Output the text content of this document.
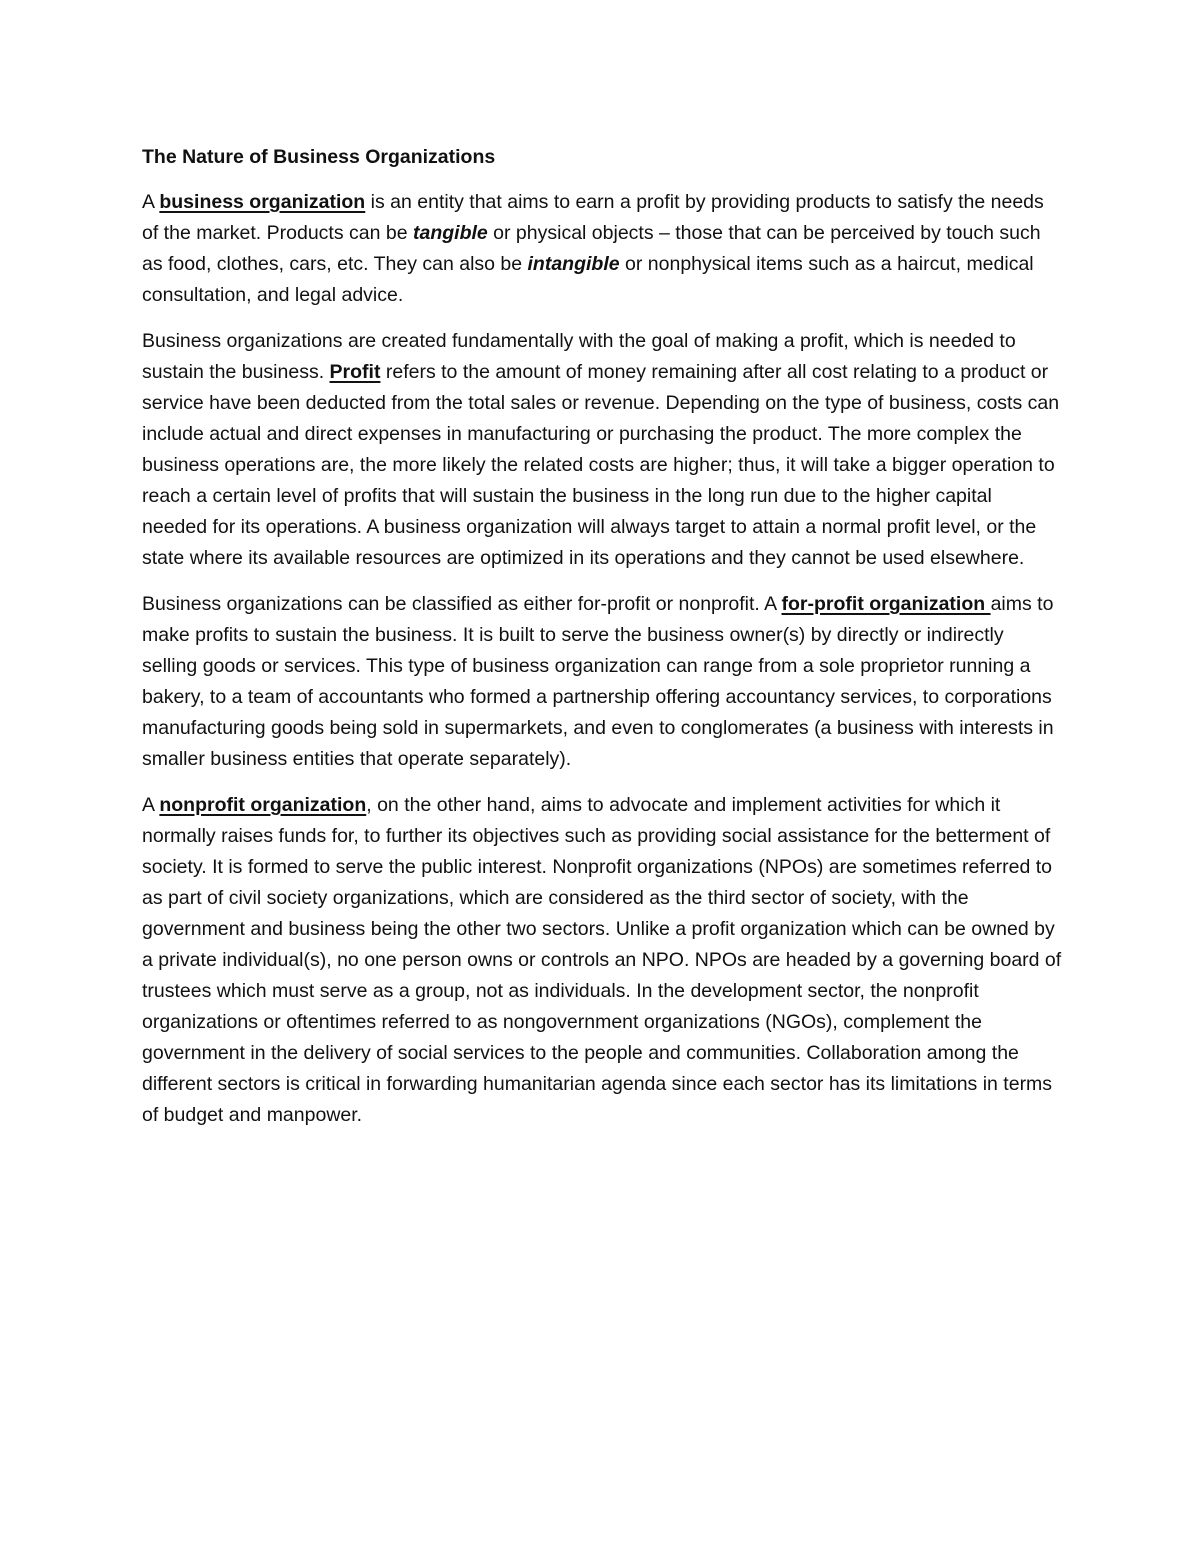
The Nature of Business Organizations

A business organization is an entity that aims to earn a profit by providing products to satisfy the needs of the market. Products can be tangible or physical objects – those that can be perceived by touch such as food, clothes, cars, etc. They can also be intangible or nonphysical items such as a haircut, medical consultation, and legal advice.

Business organizations are created fundamentally with the goal of making a profit, which is needed to sustain the business. Profit refers to the amount of money remaining after all cost relating to a product or service have been deducted from the total sales or revenue. Depending on the type of business, costs can include actual and direct expenses in manufacturing or purchasing the product. The more complex the business operations are, the more likely the related costs are higher; thus, it will take a bigger operation to reach a certain level of profits that will sustain the business in the long run due to the higher capital needed for its operations. A business organization will always target to attain a normal profit level, or the state where its available resources are optimized in its operations and they cannot be used elsewhere.

Business organizations can be classified as either for-profit or nonprofit. A for-profit organization aims to make profits to sustain the business. It is built to serve the business owner(s) by directly or indirectly selling goods or services. This type of business organization can range from a sole proprietor running a bakery, to a team of accountants who formed a partnership offering accountancy services, to corporations manufacturing goods being sold in supermarkets, and even to conglomerates (a business with interests in smaller business entities that operate separately).

A nonprofit organization, on the other hand, aims to advocate and implement activities for which it normally raises funds for, to further its objectives such as providing social assistance for the betterment of society. It is formed to serve the public interest. Nonprofit organizations (NPOs) are sometimes referred to as part of civil society organizations, which are considered as the third sector of society, with the government and business being the other two sectors. Unlike a profit organization which can be owned by a private individual(s), no one person owns or controls an NPO. NPOs are headed by a governing board of trustees which must serve as a group, not as individuals. In the development sector, the nonprofit organizations or oftentimes referred to as nongovernment organizations (NGOs), complement the government in the delivery of social services to the people and communities. Collaboration among the different sectors is critical in forwarding humanitarian agenda since each sector has its limitations in terms of budget and manpower.
